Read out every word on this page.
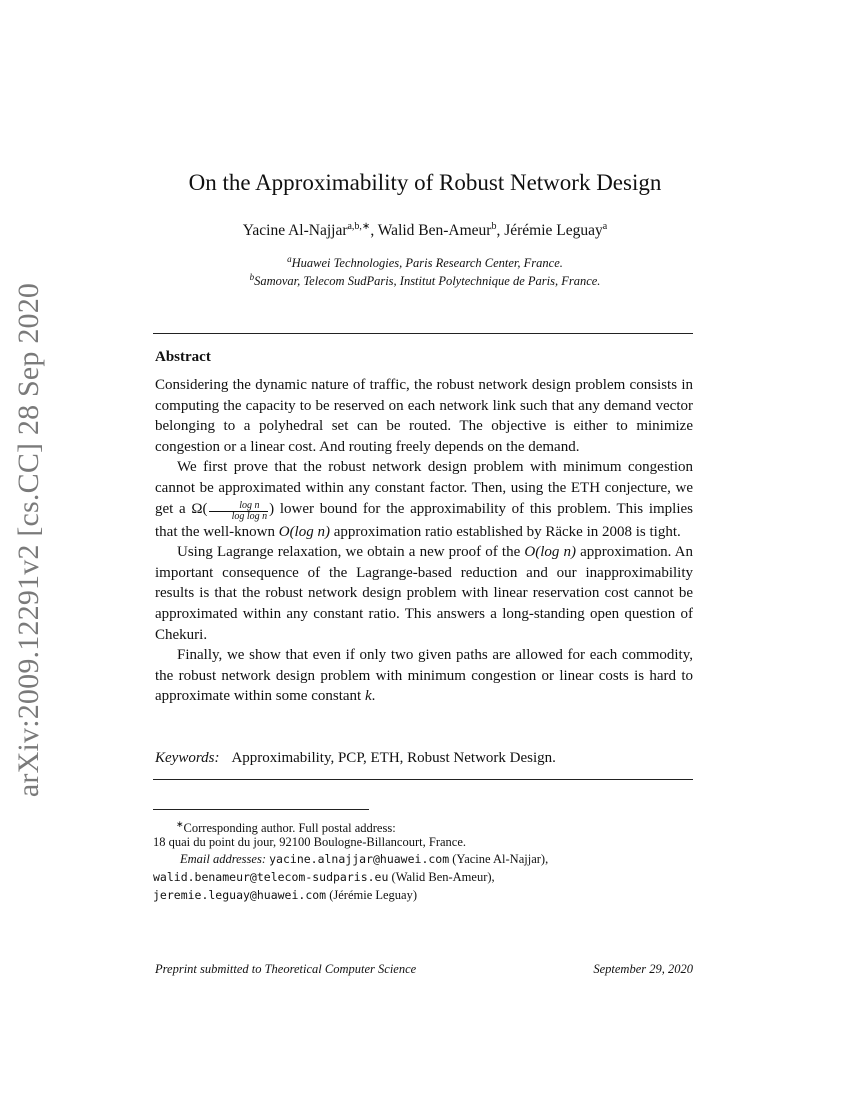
arXiv:2009.12291v2 [cs.CC] 28 Sep 2020
On the Approximability of Robust Network Design
Yacine Al-Najjar$^{a,b,∗}$, Walid Ben-Ameur$^b$, Jérémie Leguay$^a$
$^a$Huawei Technologies, Paris Research Center, France.
$^b$Samovar, Telecom SudParis, Institut Polytechnique de Paris, France.
Abstract

Considering the dynamic nature of traffic, the robust network design problem consists in computing the capacity to be reserved on each network link such that any demand vector belonging to a polyhedral set can be routed. The objective is either to minimize congestion or a linear cost. And routing freely depends on the demand.

We first prove that the robust network design problem with minimum congestion cannot be approximated within any constant factor. Then, using the ETH conjecture, we get a $\Omega( \frac{\text{log n}}{\text{log log n}}$ ) lower bound for the approximability of this problem. This implies that the well-known O(log n) approximation ratio established by Räcke in 2008 is tight.

Using Lagrange relaxation, we obtain a new proof of the O(log n) approximation. An important consequence of the Lagrange-based reduction and our inapproximability results is that the robust network design problem with linear reservation cost cannot be approximated within any constant ratio. This answers a long-standing open question of Chekuri.

Finally, we show that even if only two given paths are allowed for each commodity, the robust network design problem with minimum congestion or linear costs is hard to approximate within some constant k.

Keywords: Approximability, PCP, ETH, Robust Network Design.
∗Corresponding author. Full postal address:
18 quai du point du jour, 92100 Boulogne-Billancourt, France.
Email addresses: yacine.alnajjar@huawei.com (Yacine Al-Najjar),
walid.benameur@telecom-sudparis.eu (Walid Ben-Ameur),
jeremie.leguay@huawei.com (Jérémie Leguay)
Preprint submitted to Theoretical Computer Science	September 29, 2020
